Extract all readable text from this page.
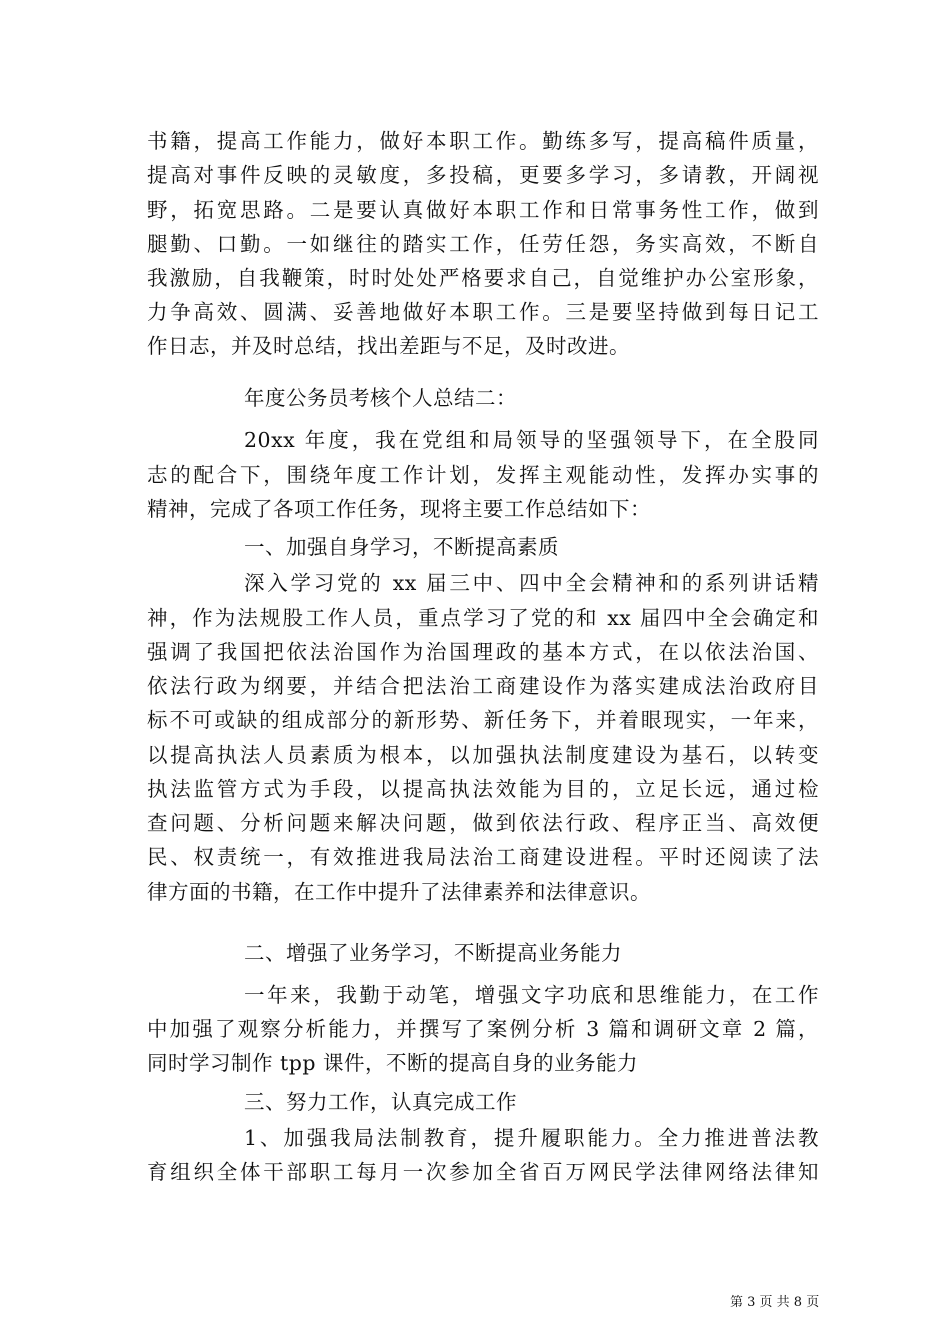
书籍，提高工作能力，做好本职工作。勤练多写，提高稿件质量，
提高对事件反映的灵敏度，多投稿，更要多学习，多请教，开阔视
野，拓宽思路。二是要认真做好本职工作和日常事务性工作，做到
腿勤、口勤。一如继往的踏实工作，任劳任怨，务实高效，不断自
我激励，自我鞭策，时时处处严格要求自己，自觉维护办公室形象，
力争高效、圆满、妥善地做好本职工作。三是要坚持做到每日记工
作日志，并及时总结，找出差距与不足，及时改进。
年度公务员考核个人总结二：
20xx 年度，我在党组和局领导的坚强领导下，在全股同
志的配合下，围绕年度工作计划，发挥主观能动性，发挥办实事的
精神，完成了各项工作任务，现将主要工作总结如下：
一、加强自身学习，不断提高素质
深入学习党的 xx 届三中、四中全会精神和的系列讲话精
神，作为法规股工作人员，重点学习了党的和 xx 届四中全会确定和
强调了我国把依法治国作为治国理政的基本方式，在以依法治国、
依法行政为纲要，并结合把法治工商建设作为落实建成法治政府目
标不可或缺的组成部分的新形势、新任务下，并着眼现实，一年来，
以提高执法人员素质为根本，以加强执法制度建设为基石，以转变
执法监管方式为手段，以提高执法效能为目的，立足长远，通过检
查问题、分析问题来解决问题，做到依法行政、程序正当、高效便
民、权责统一，有效推进我局法治工商建设进程。平时还阅读了法
律方面的书籍，在工作中提升了法律素养和法律意识。
二、增强了业务学习，不断提高业务能力
一年来，我勤于动笔，增强文字功底和思维能力，在工作
中加强了观察分析能力，并撰写了案例分析 3 篇和调研文章 2 篇，
同时学习制作 tpp 课件，不断的提高自身的业务能力
三、努力工作，认真完成工作
1、加强我局法制教育，提升履职能力。全力推进普法教
育组织全体干部职工每月一次参加全省百万网民学法律网络法律知
第 3 页 共 8 页
